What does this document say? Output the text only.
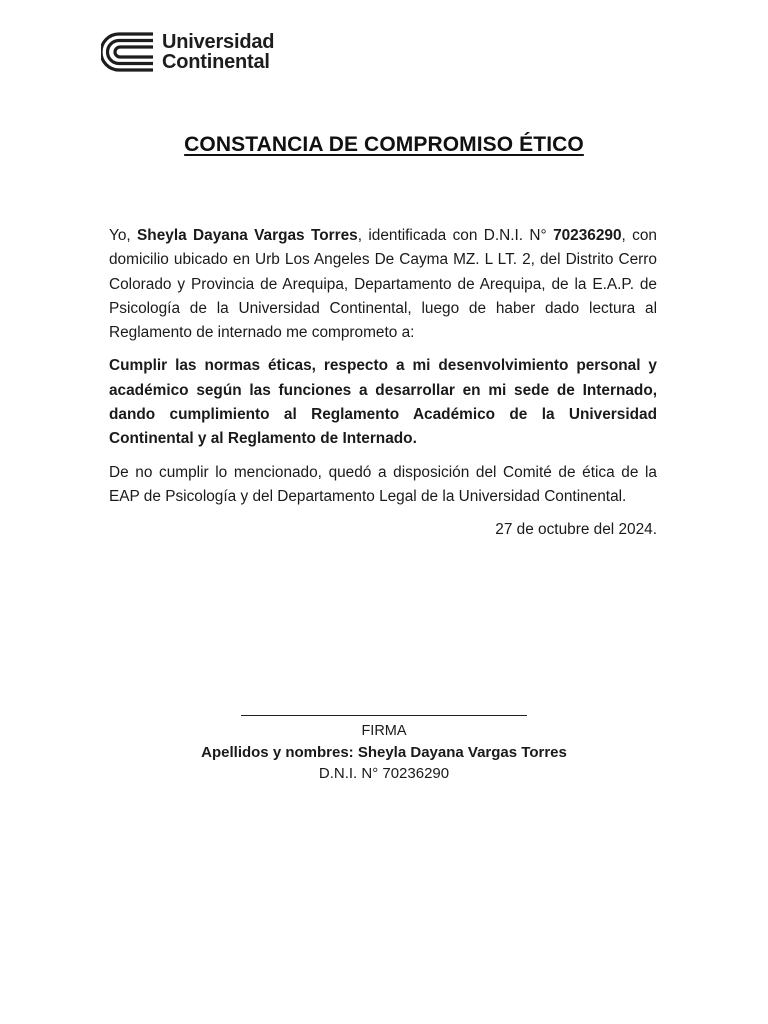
Universidad
Continental
CONSTANCIA DE COMPROMISO ÉTICO

Yo, Sheyla Dayana Vargas Torres, identificada con D.N.I. N° 70236290, con domicilio ubicado en Urb Los Angeles De Cayma MZ. L LT. 2, del Distrito Cerro Colorado y Provincia de Arequipa, Departamento de Arequipa, de la E.A.P. de Psicología de la Universidad Continental, luego de haber dado lectura al Reglamento de internado me comprometo a:

Cumplir las normas éticas, respecto a mi desenvolvimiento personal y académico según las funciones a desarrollar en mi sede de Internado, dando cumplimiento al Reglamento Académico de la Universidad Continental y al Reglamento de Internado.

De no cumplir lo mencionado, quedó a disposición del Comité de ética de la EAP de Psicología y del Departamento Legal de la Universidad Continental.

27 de octubre del 2024.

FIRMA
Apellidos y nombres: Sheyla Dayana Vargas Torres
D.N.I. N° 70236290
